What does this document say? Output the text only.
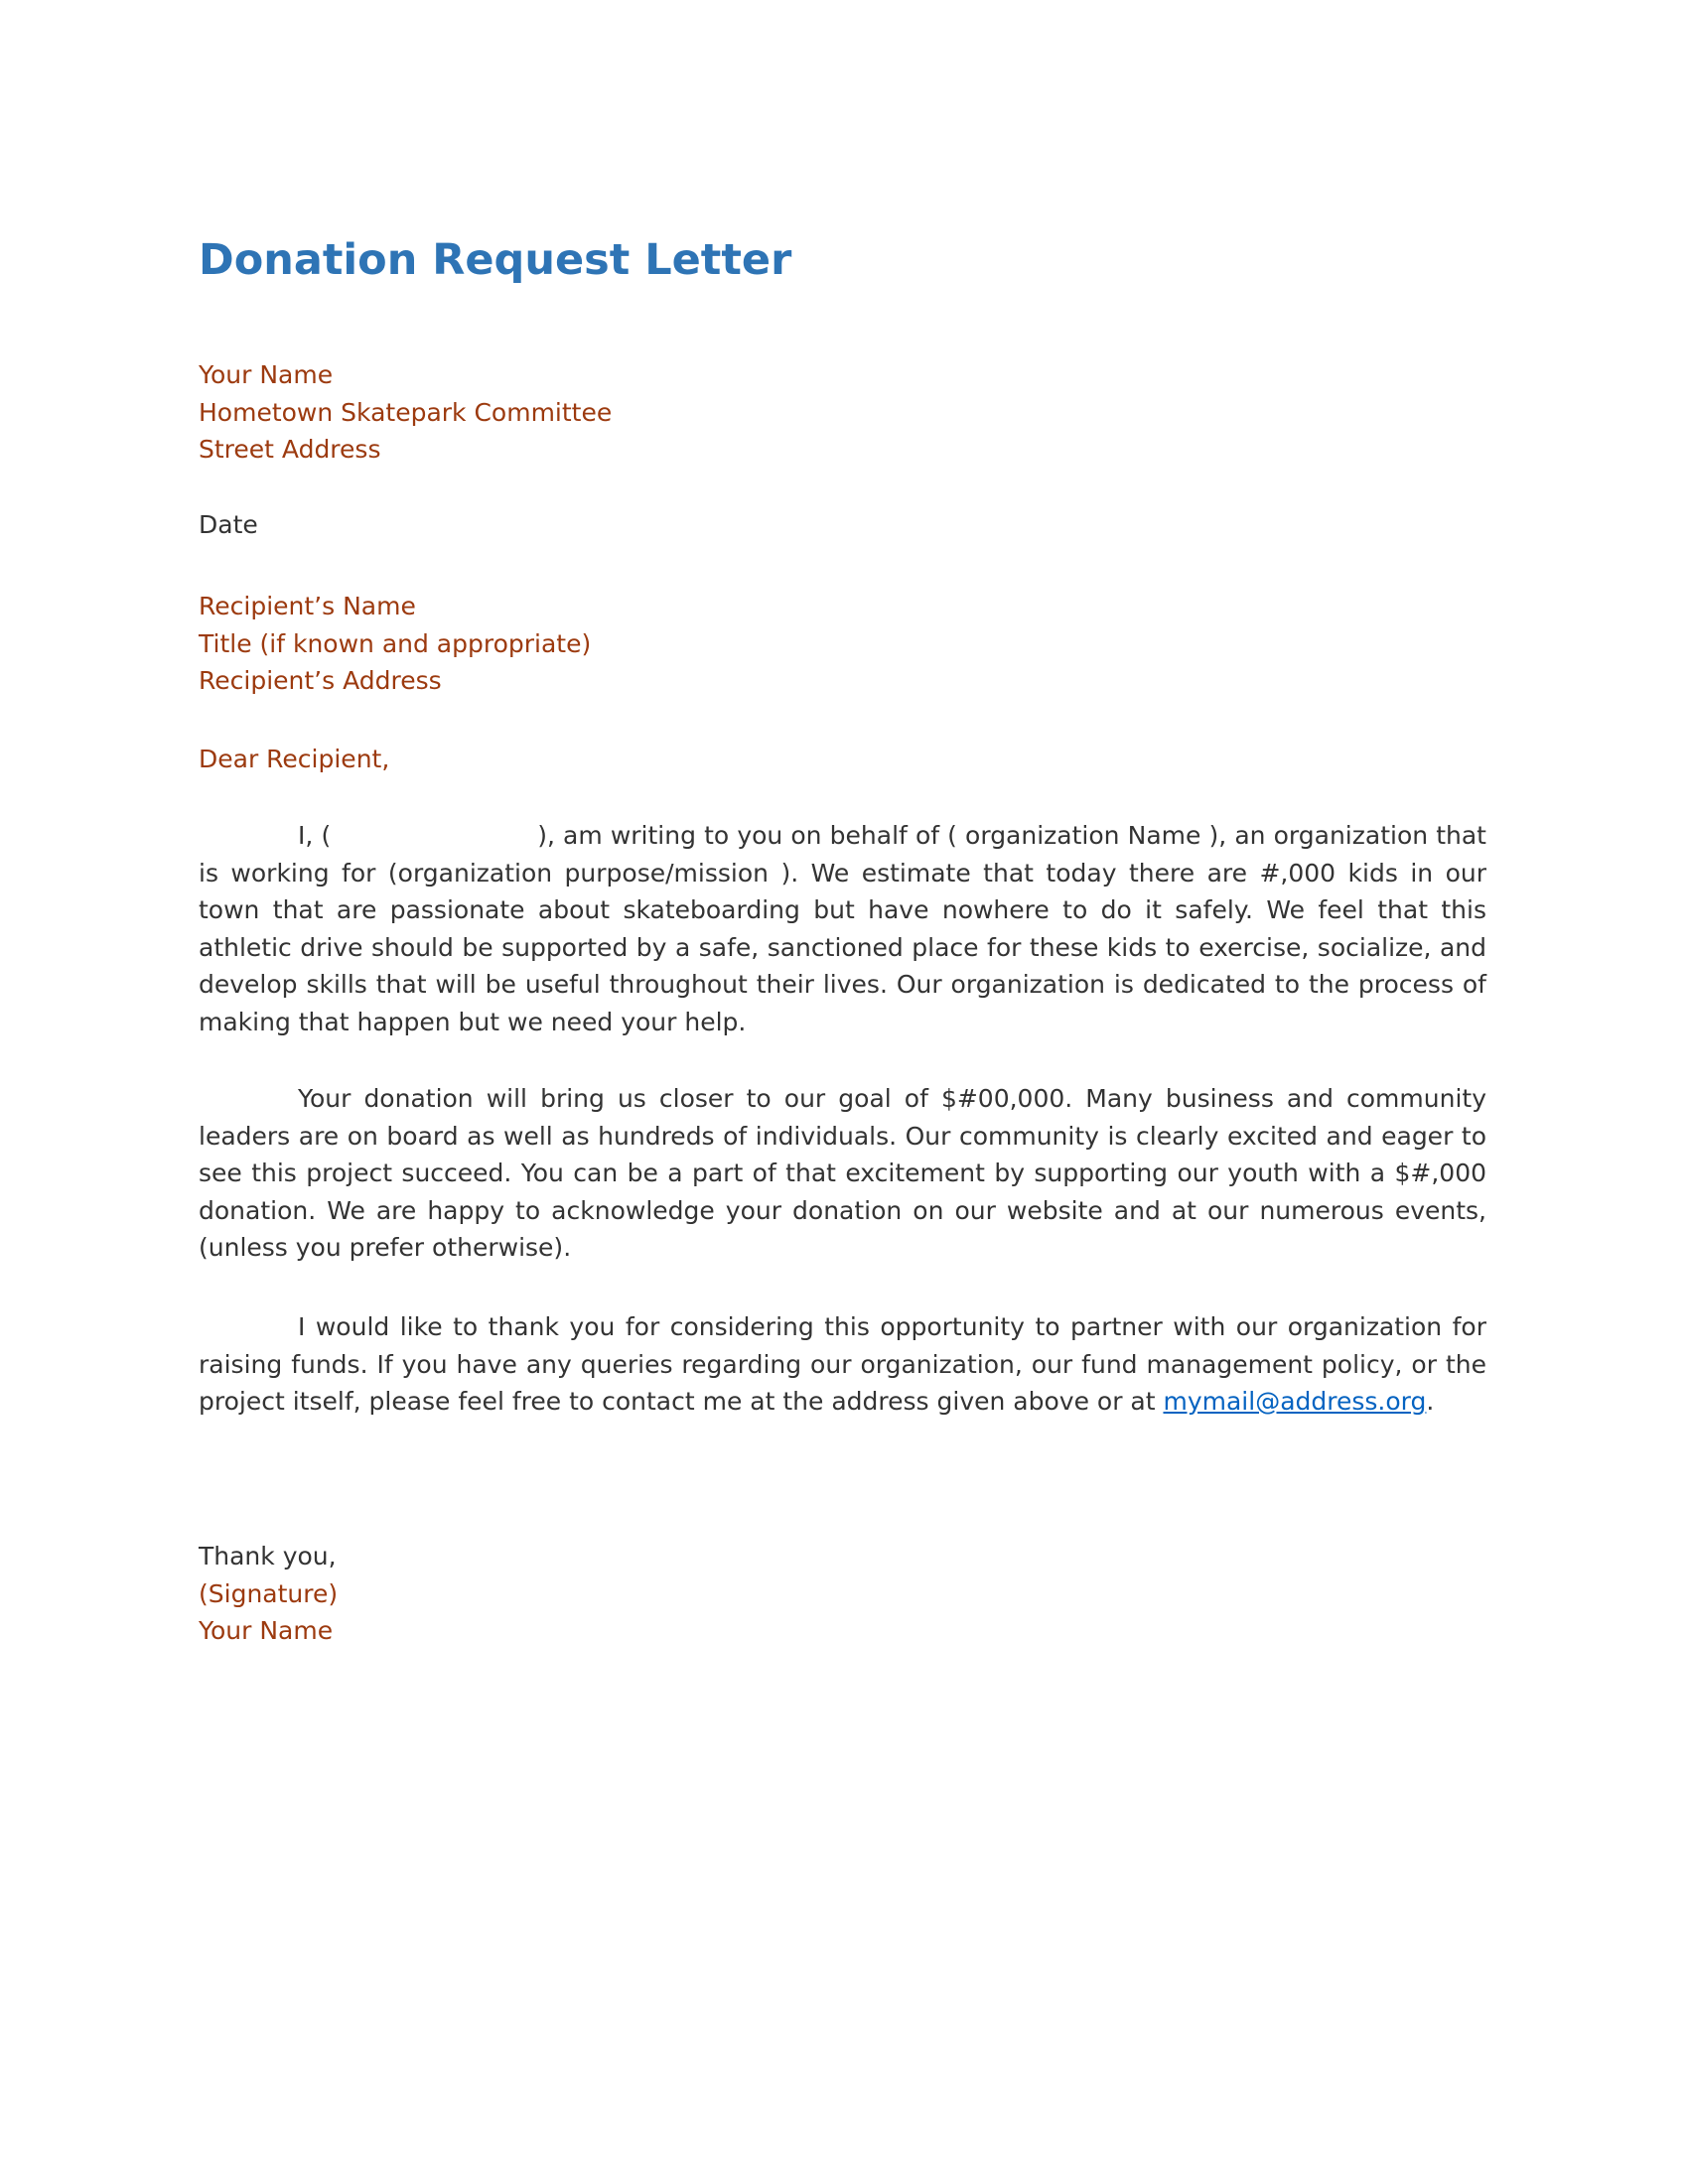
Donation Request Letter
Your Name
Hometown Skatepark Committee
Street Address
Date
Recipient’s Name
Title (if known and appropriate)
Recipient’s Address
Dear Recipient,

I, (	), am writing to you on behalf of ( organization Name ), an organization that is working for (organization purpose/mission ). We estimate that today there are #,000 kids in our town that are passionate about skateboarding but have nowhere to do it safely. We feel that this athletic drive should be supported by a safe, sanctioned place for these kids to exercise, socialize, and develop skills that will be useful throughout their lives. Our organization is dedicated to the process of making that happen but we need your help.

Your donation will bring us closer to our goal of $#00,000. Many business and community leaders are on board as well as hundreds of individuals. Our community is clearly excited and eager to see this project succeed. You can be a part of that excitement by supporting our youth with a $#,000 donation. We are happy to acknowledge your donation on our website and at our numerous events, (unless you prefer otherwise).

I would like to thank you for considering this opportunity to partner with our organization for raising funds. If you have any queries regarding our organization, our fund management policy, or the project itself, please feel free to contact me at the address given above or at mymail@address.org.

Thank you,
(Signature)
Your Name
